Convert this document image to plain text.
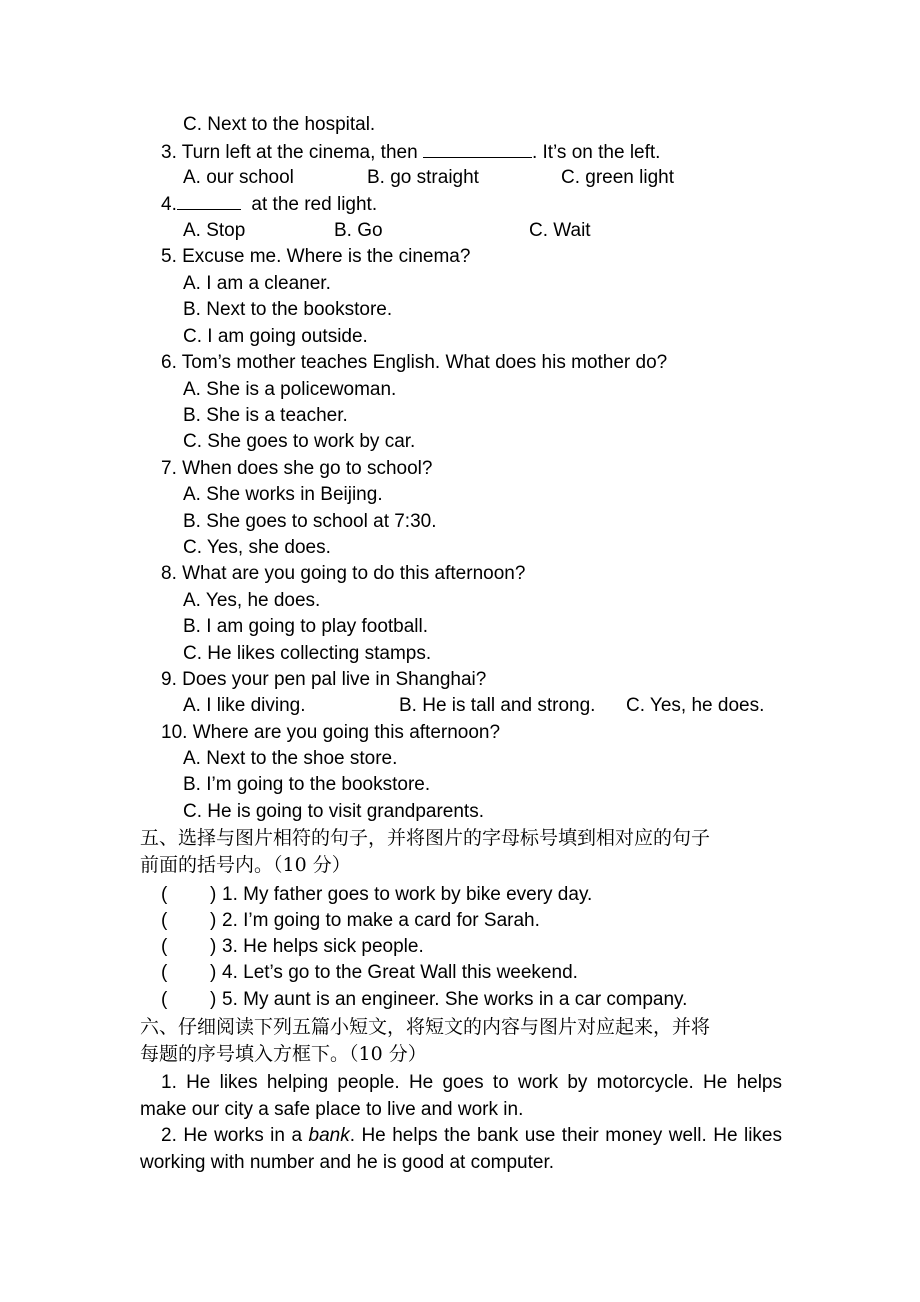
C. Next to the hospital.
3. Turn left at the cinema, then	. It’s on the left.
A. our school	B. go straight	C. green light
4.	at the red light.
A. Stop	B. Go	C. Wait
5. Excuse me. Where is the cinema?
A. I am a cleaner.
B. Next to the bookstore.
C. I am going outside.
6. Tom’s mother teaches English. What does his mother do?
A. She is a policewoman.
B. She is a teacher.
C. She goes to work by car.
7. When does she go to school?
A. She works in Beijing.
B. She goes to school at 7:30.
C. Yes, she does.
8. What are you going to do this afternoon?
A. Yes, he does.
B. I am going to play football.
C. He likes collecting stamps.
9. Does your pen pal live in Shanghai?
A. I like diving.	B. He is tall and strong. C. Yes, he does.
10. Where are you going this afternoon?
A. Next to the shoe store.
B. I’m going to the bookstore.
C. He is going to visit grandparents.
五、选择与图片相符的句子，并将图片的字母标号填到相对应的句子
前面的括号内。（10 分）
( ) 1. My father goes to work by bike every day.
( ) 2. I’m going to make a card for Sarah.
( ) 3. He helps sick people.
( ) 4. Let’s go to the Great Wall this weekend.
( ) 5. My aunt is an engineer. She works in a car company.
六、仔细阅读下列五篇小短文，将短文的内容与图片对应起来，并将
每题的序号填入方框下。（10 分）
1. He likes helping people. He goes to work by motorcycle. He helps make our city a safe place to live and work in.
2. He works in a bank. He helps the bank use their money well. He likes working with number and he is good at computer.
